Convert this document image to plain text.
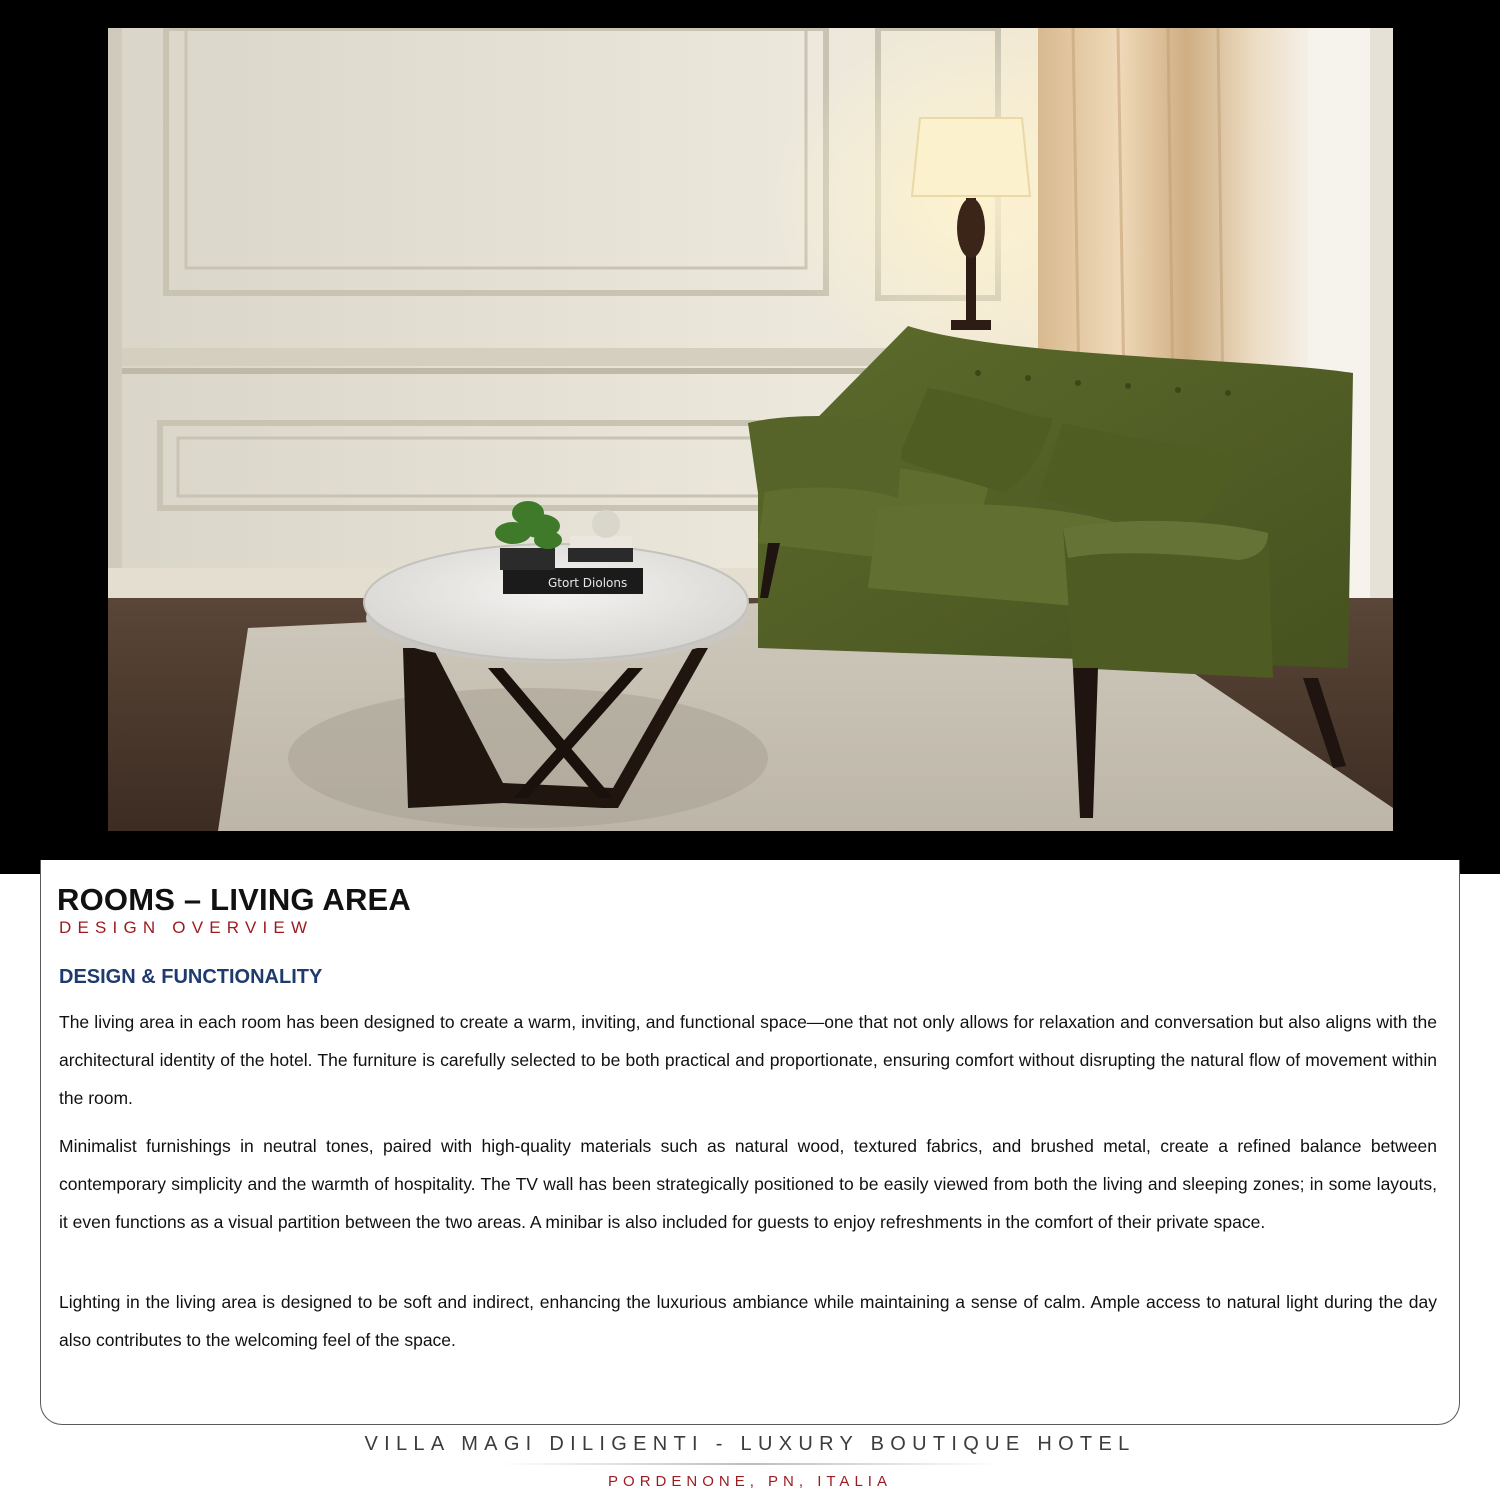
Gtort Diolons
ROOMS – LIVING AREA
DESIGN OVERVIEW
DESIGN & FUNCTIONALITY

The living area in each room has been designed to create a warm, inviting, and functional space—one that not only allows for relaxation and conversation but also aligns with the architectural identity of the hotel. The furniture is carefully selected to be both practical and proportionate, ensuring comfort without disrupting the natural flow of movement within the room.

Minimalist furnishings in neutral tones, paired with high-quality materials such as natural wood, textured fabrics, and brushed metal, create a refined balance between contemporary simplicity and the warmth of hospitality. The TV wall has been strategically positioned to be easily viewed from both the living and sleeping zones; in some layouts, it even functions as a visual partition between the two areas. A minibar is also included for guests to enjoy refreshments in the comfort of their private space.

Lighting in the living area is designed to be soft and indirect, enhancing the luxurious ambiance while maintaining a sense of calm. Ample access to natural light during the day also contributes to the welcoming feel of the space.

VILLA MAGI DILIGENTI - LUXURY BOUTIQUE HOTEL
PORDENONE, PN, ITALIA
